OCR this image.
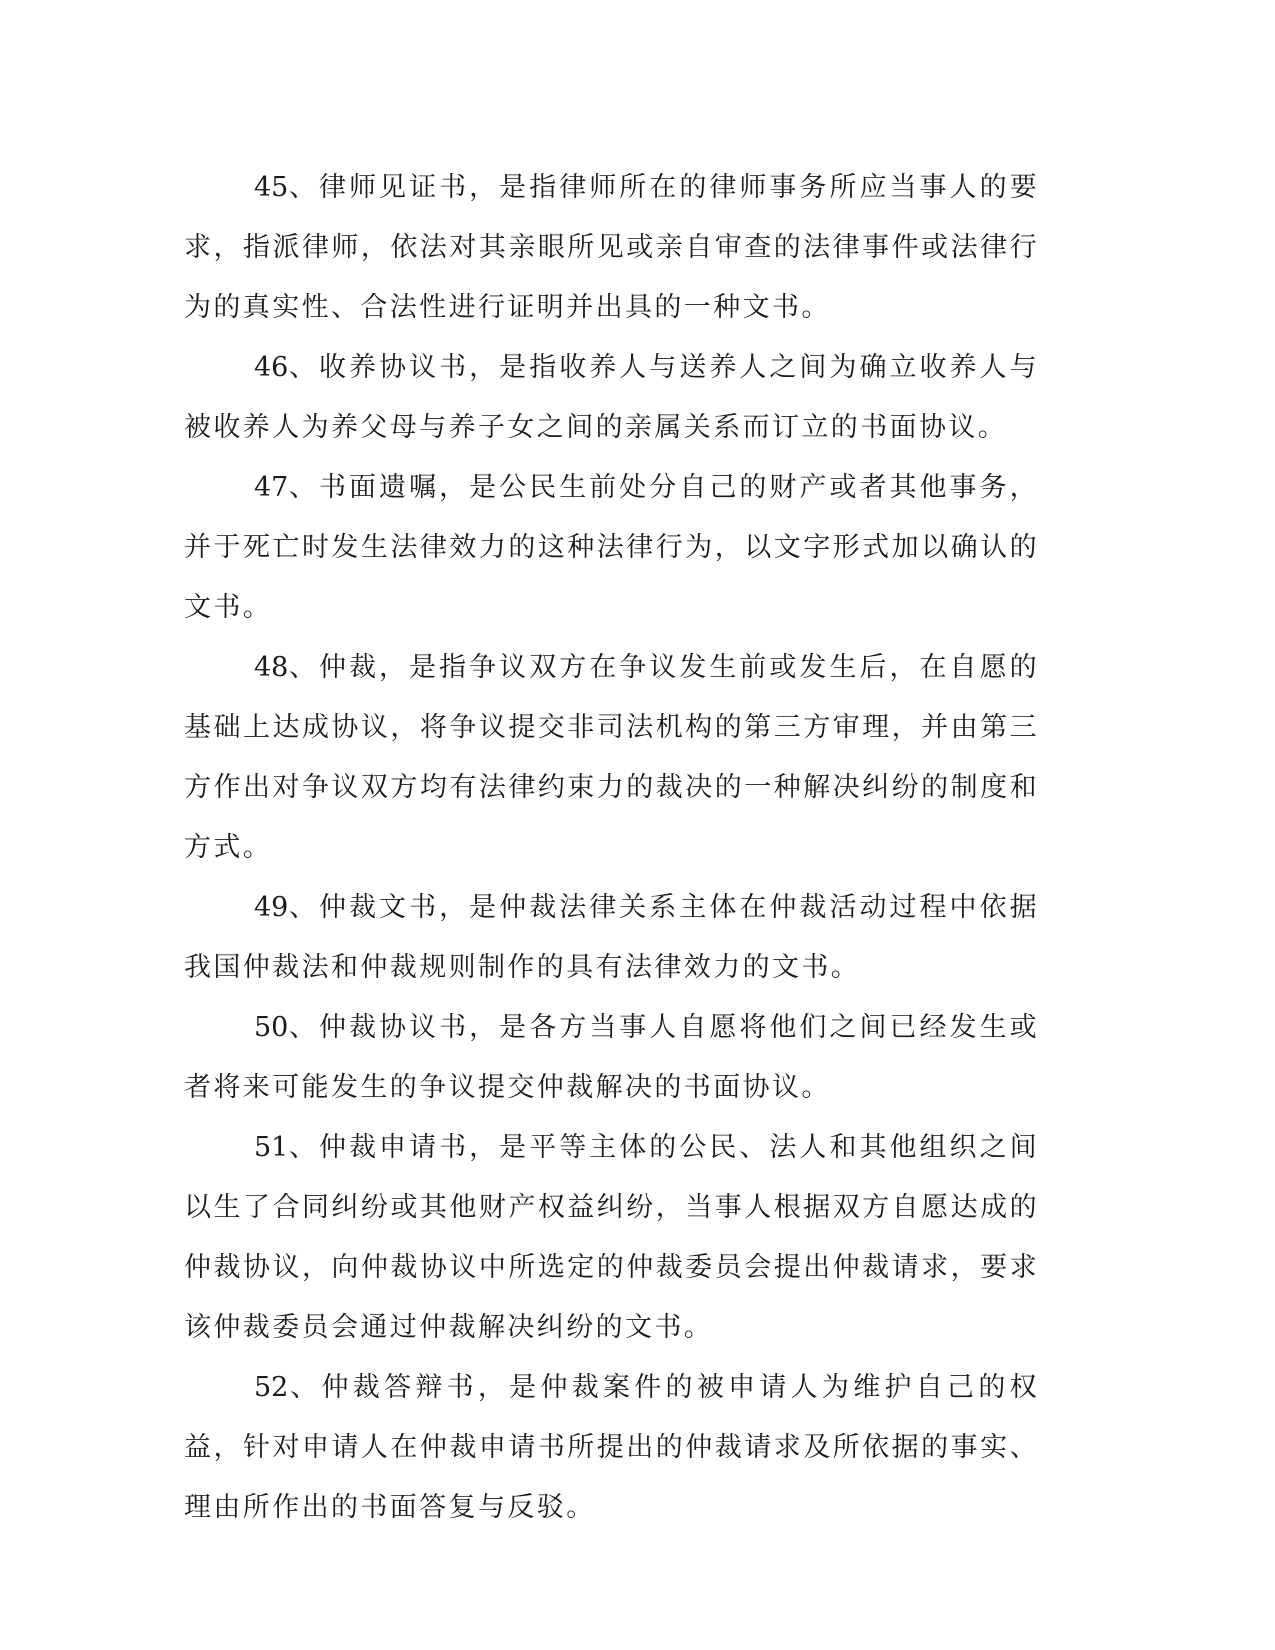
45、律师见证书，是指律师所在的律师事务所应当事人的要求，指派律师，依法对其亲眼所见或亲自审查的法律事件或法律行为的真实性、合法性进行证明并出具的一种文书。

46、收养协议书，是指收养人与送养人之间为确立收养人与被收养人为养父母与养子女之间的亲属关系而订立的书面协议。

47、书面遗嘱，是公民生前处分自己的财产或者其他事务，并于死亡时发生法律效力的这种法律行为，以文字形式加以确认的文书。

48、仲裁，是指争议双方在争议发生前或发生后，在自愿的基础上达成协议，将争议提交非司法机构的第三方审理，并由第三方作出对争议双方均有法律约束力的裁决的一种解决纠纷的制度和方式。

49、仲裁文书，是仲裁法律关系主体在仲裁活动过程中依据我国仲裁法和仲裁规则制作的具有法律效力的文书。

50、仲裁协议书，是各方当事人自愿将他们之间已经发生或者将来可能发生的争议提交仲裁解决的书面协议。

51、仲裁申请书，是平等主体的公民、法人和其他组织之间以生了合同纠纷或其他财产权益纠纷，当事人根据双方自愿达成的仲裁协议，向仲裁协议中所选定的仲裁委员会提出仲裁请求，要求该仲裁委员会通过仲裁解决纠纷的文书。

52、仲裁答辩书，是仲裁案件的被申请人为维护自己的权益，针对申请人在仲裁申请书所提出的仲裁请求及所依据的事实、理由所作出的书面答复与反驳。
